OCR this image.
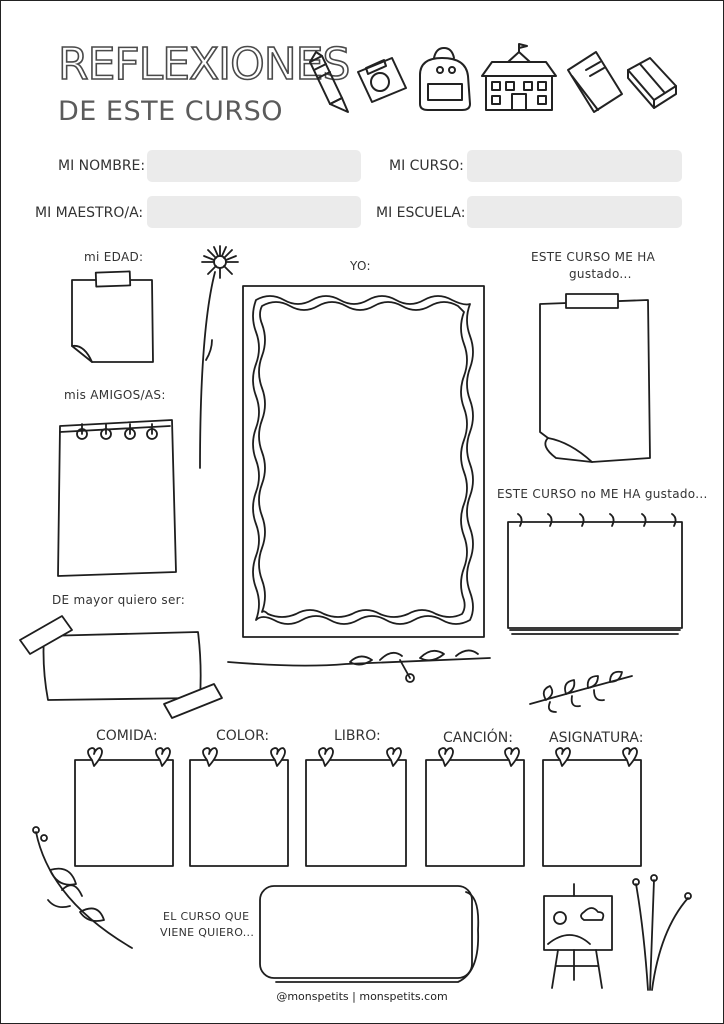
REFLEXIONES
DE ESTE CURSO
MI NOMBRE:	MI CURSO:
MI MAESTRO/A:	MI ESCUELA:
mi EDAD:
YO:
ESTE CURSO ME HA
gustado...
mis AMIGOS/AS:
ESTE CURSO no ME HA gustado...
DE mayor quiero ser:
COMIDA:	COLOR:	LIBRO:	CANCIÓN:	ASIGNATURA:
EL CURSO QUE
VIENE QUIERO...
@monspetits | monspetits.com
